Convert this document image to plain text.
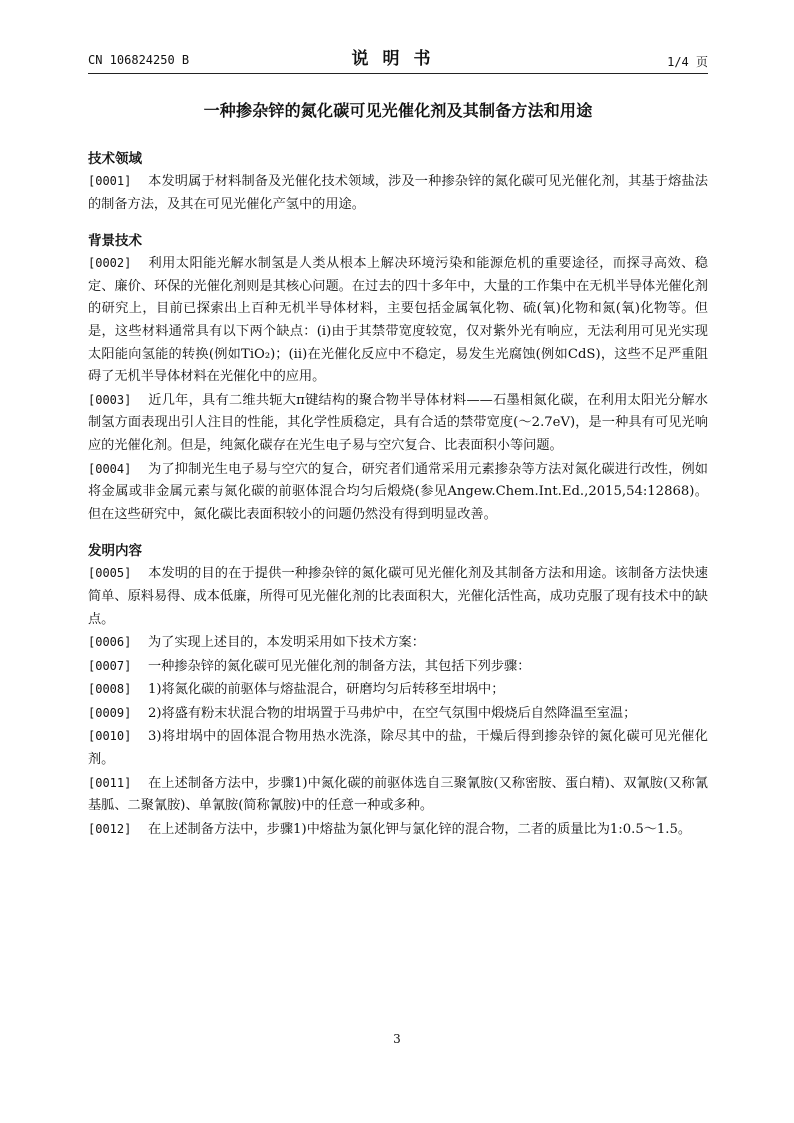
CN 106824250 B	说明书	1/4 页
一种掺杂锌的氮化碳可见光催化剂及其制备方法和用途
技术领域

[0001] 本发明属于材料制备及光催化技术领域，涉及一种掺杂锌的氮化碳可见光催化剂，其基于熔盐法的制备方法，及其在可见光催化产氢中的用途。

背景技术

[0002] 利用太阳能光解水制氢是人类从根本上解决环境污染和能源危机的重要途径，而探寻高效、稳定、廉价、环保的光催化剂则是其核心问题。在过去的四十多年中，大量的工作集中在无机半导体光催化剂的研究上，目前已探索出上百种无机半导体材料，主要包括金属氧化物、硫(氧)化物和氮(氧)化物等。但是，这些材料通常具有以下两个缺点：(i)由于其禁带宽度较宽，仅对紫外光有响应，无法利用可见光实现太阳能向氢能的转换(例如TiO₂)；(ii)在光催化反应中不稳定，易发生光腐蚀(例如CdS)，这些不足严重阻碍了无机半导体材料在光催化中的应用。

[0003] 近几年，具有二维共轭大π键结构的聚合物半导体材料——石墨相氮化碳，在利用太阳光分解水制氢方面表现出引人注目的性能，其化学性质稳定，具有合适的禁带宽度(～2.7eV)，是一种具有可见光响应的光催化剂。但是，纯氮化碳存在光生电子易与空穴复合、比表面积小等问题。

[0004] 为了抑制光生电子易与空穴的复合，研究者们通常采用元素掺杂等方法对氮化碳进行改性，例如将金属或非金属元素与氮化碳的前驱体混合均匀后煅烧(参见Angew.Chem.Int.Ed.,2015,54:12868)。但在这些研究中，氮化碳比表面积较小的问题仍然没有得到明显改善。

发明内容

[0005] 本发明的目的在于提供一种掺杂锌的氮化碳可见光催化剂及其制备方法和用途。该制备方法快速简单、原料易得、成本低廉，所得可见光催化剂的比表面积大，光催化活性高，成功克服了现有技术中的缺点。

[0006] 为了实现上述目的，本发明采用如下技术方案：

[0007] 一种掺杂锌的氮化碳可见光催化剂的制备方法，其包括下列步骤：

[0008] 1)将氮化碳的前驱体与熔盐混合，研磨均匀后转移至坩埚中；

[0009] 2)将盛有粉末状混合物的坩埚置于马弗炉中，在空气氛围中煅烧后自然降温至室温；

[0010] 3)将坩埚中的固体混合物用热水洗涤，除尽其中的盐，干燥后得到掺杂锌的氮化碳可见光催化剂。

[0011] 在上述制备方法中，步骤1)中氮化碳的前驱体选自三聚氰胺(又称密胺、蛋白精)、双氰胺(又称氰基胍、二聚氰胺)、单氰胺(简称氰胺)中的任意一种或多种。

[0012] 在上述制备方法中，步骤1)中熔盐为氯化钾与氯化锌的混合物，二者的质量比为1:0.5～1.5。

3
